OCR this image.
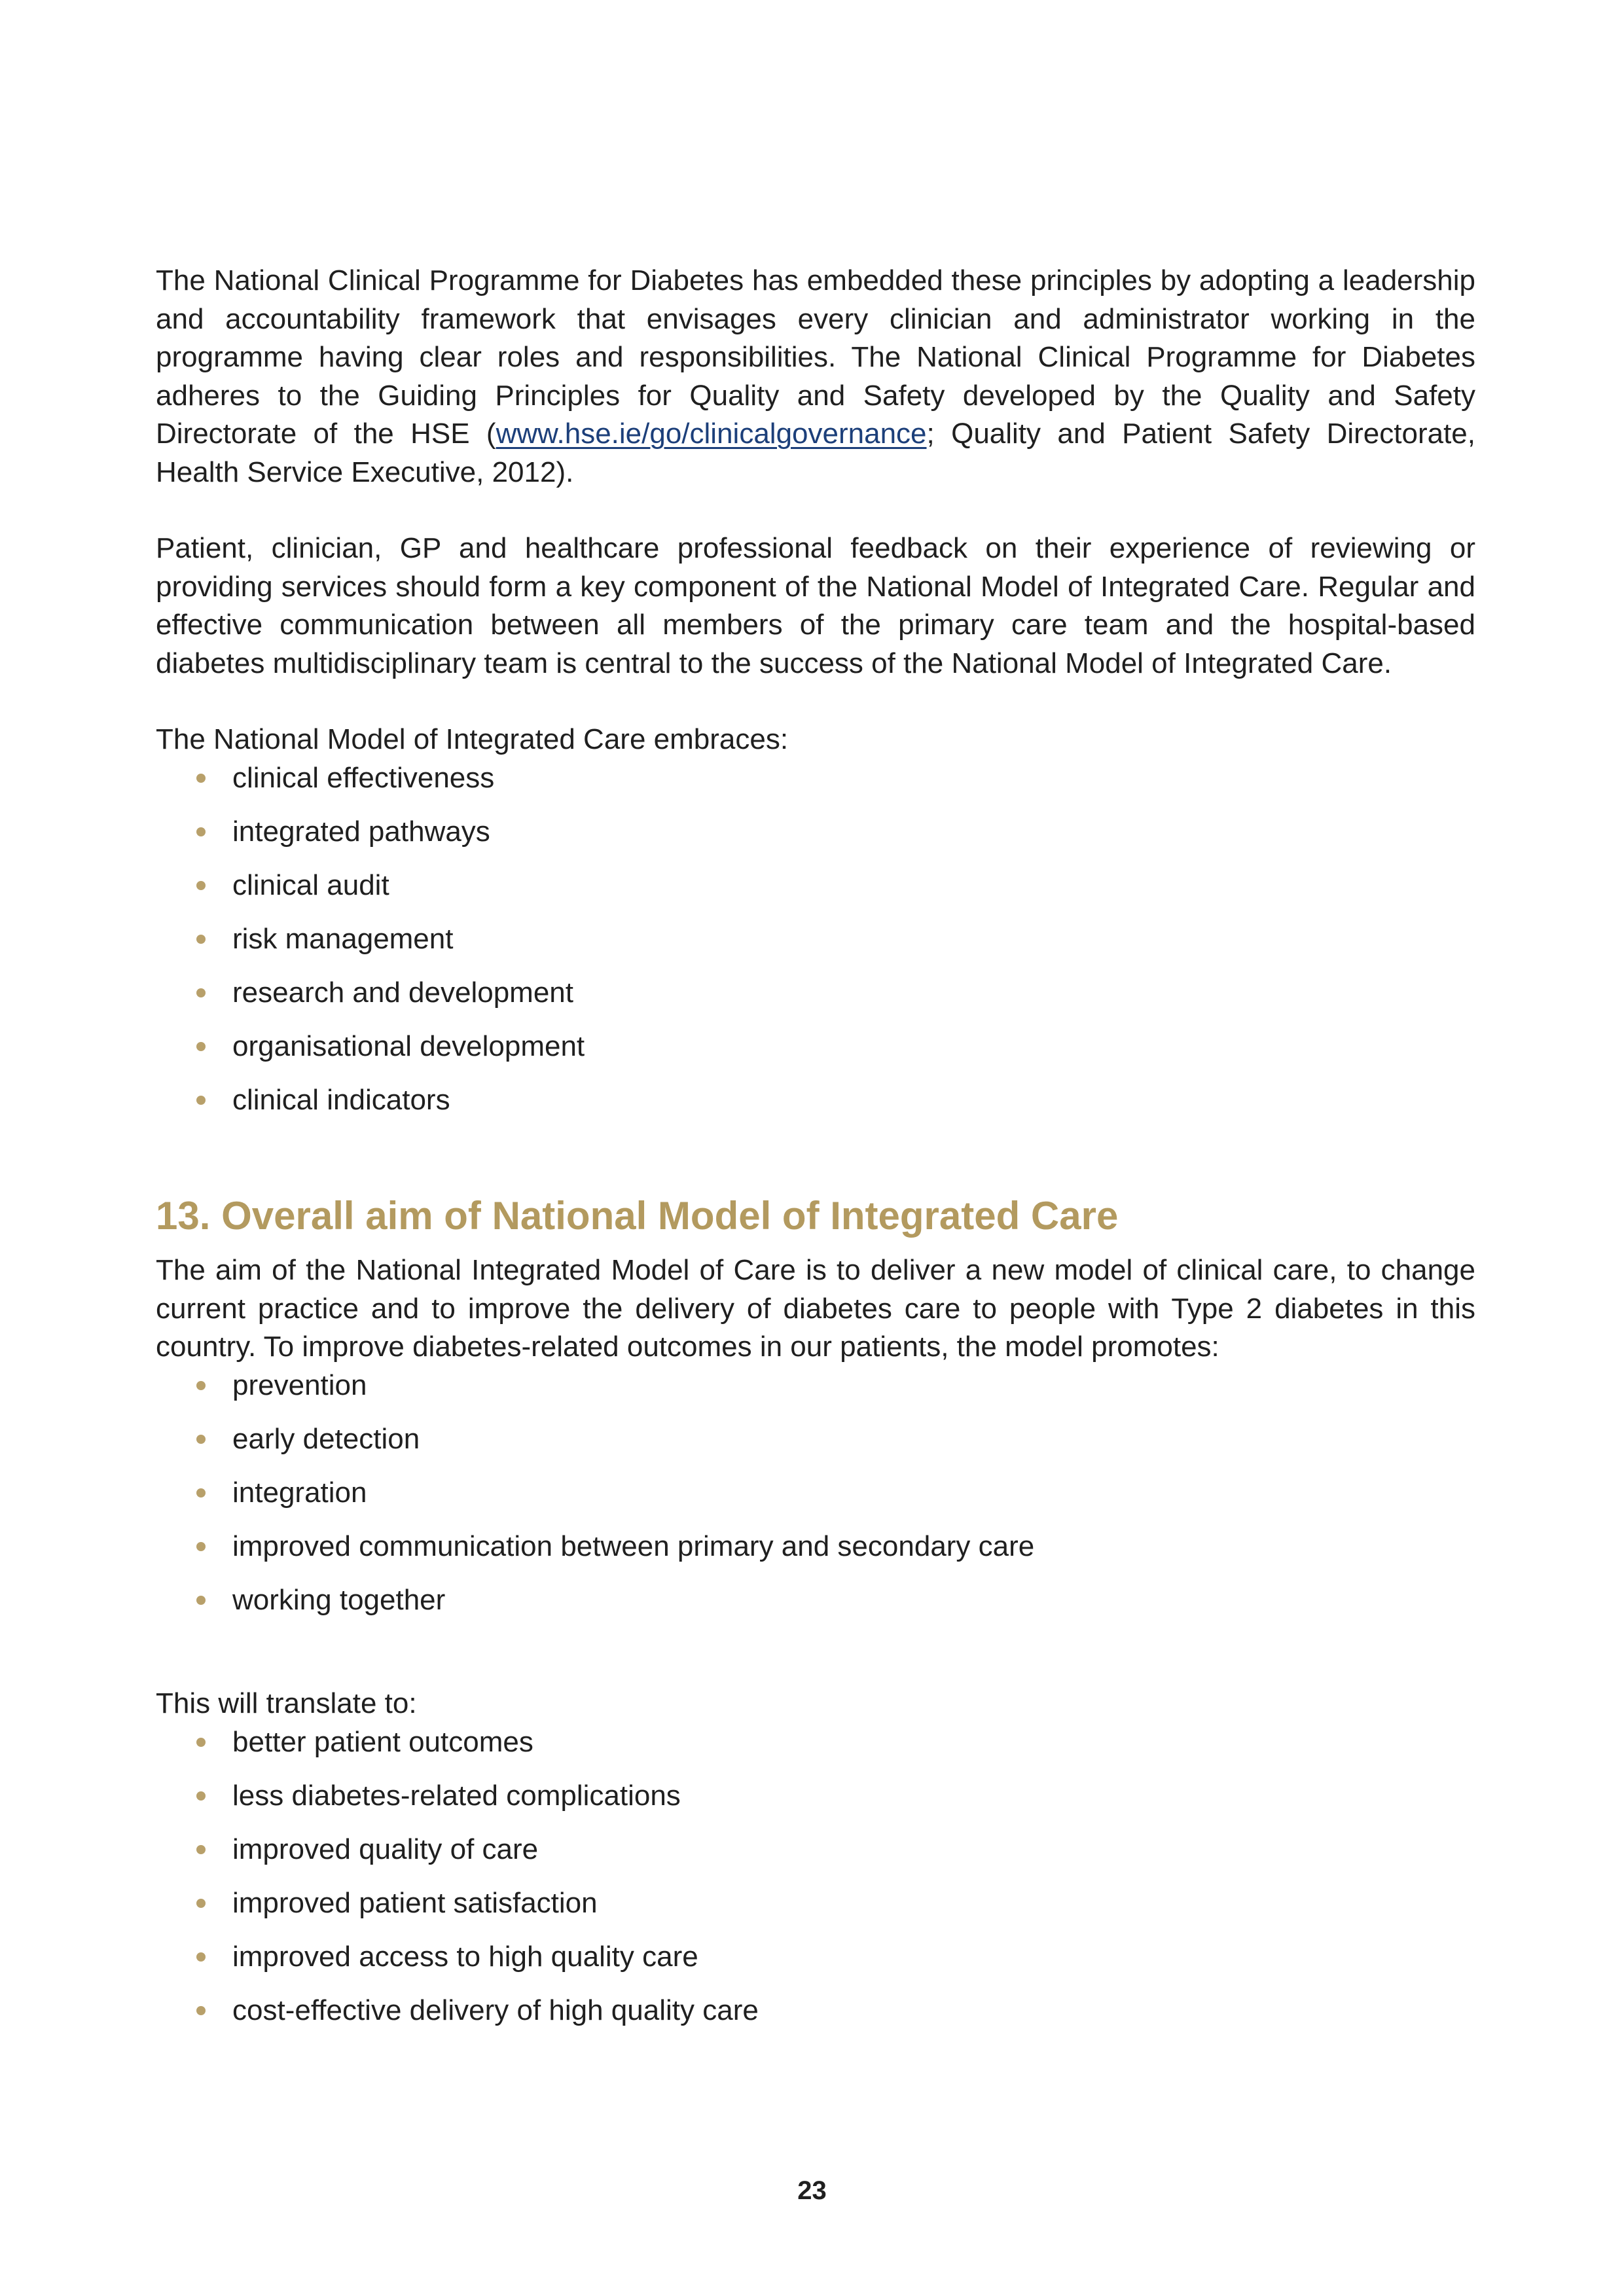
The National Clinical Programme for Diabetes has embedded these principles by adopting a leadership and accountability framework that envisages every clinician and administrator working in the programme having clear roles and responsibilities. The National Clinical Programme for Diabetes adheres to the Guiding Principles for Quality and Safety developed by the Quality and Safety Directorate of the HSE (www.hse.ie/go/clinicalgovernance; Quality and Patient Safety Directorate, Health Service Executive, 2012).

Patient, clinician, GP and healthcare professional feedback on their experience of reviewing or providing services should form a key component of the National Model of Integrated Care. Regular and effective communication between all members of the primary care team and the hospital-based diabetes multidisciplinary team is central to the success of the National Model of Integrated Care.

The National Model of Integrated Care embraces:

clinical effectiveness
integrated pathways
clinical audit
risk management
research and development
organisational development
clinical indicators
13. Overall aim of National Model of Integrated Care

The aim of the National Integrated Model of Care is to deliver a new model of clinical care, to change current practice and to improve the delivery of diabetes care to people with Type 2 diabetes in this country. To improve diabetes-related outcomes in our patients, the model promotes:

prevention
early detection
integration
improved communication between primary and secondary care
working together

This will translate to:

better patient outcomes
less diabetes-related complications
improved quality of care
improved patient satisfaction
improved access to high quality care
cost-effective delivery of high quality care
23
